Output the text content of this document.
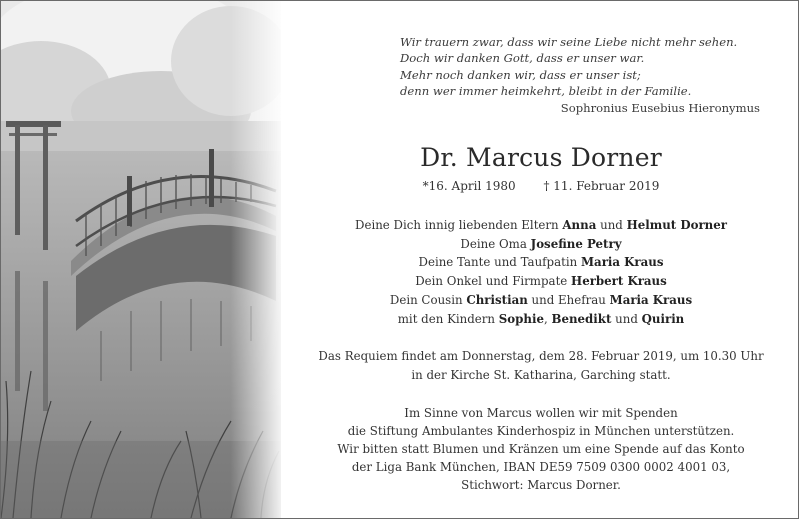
Wir trauern zwar, dass wir seine Liebe nicht mehr sehen.
Doch wir danken Gott, dass er unser war.
Mehr noch danken wir, dass er unser ist;
denn wer immer heimkehrt, bleibt in der Familie.
Sophronius Eusebius Hieronymus
Dr. Marcus Dorner
*16. April 1980 † 11. Februar 2019
Deine Dich innig liebenden Eltern Anna und Helmut Dorner
Deine Oma Josefine Petry
Deine Tante und Taufpatin Maria Kraus
Dein Onkel und Firmpate Herbert Kraus
Dein Cousin Christian und Ehefrau Maria Kraus
mit den Kindern Sophie, Benedikt und Quirin
Das Requiem findet am Donnerstag, dem 28. Februar 2019, um 10.30 Uhr
in der Kirche St. Katharina, Garching statt.
Im Sinne von Marcus wollen wir mit Spenden
die Stiftung Ambulantes Kinderhospiz in München unterstützen.
Wir bitten statt Blumen und Kränzen um eine Spende auf das Konto
der Liga Bank München, IBAN DE59 7509 0300 0002 4001 03,
Stichwort: Marcus Dorner.
